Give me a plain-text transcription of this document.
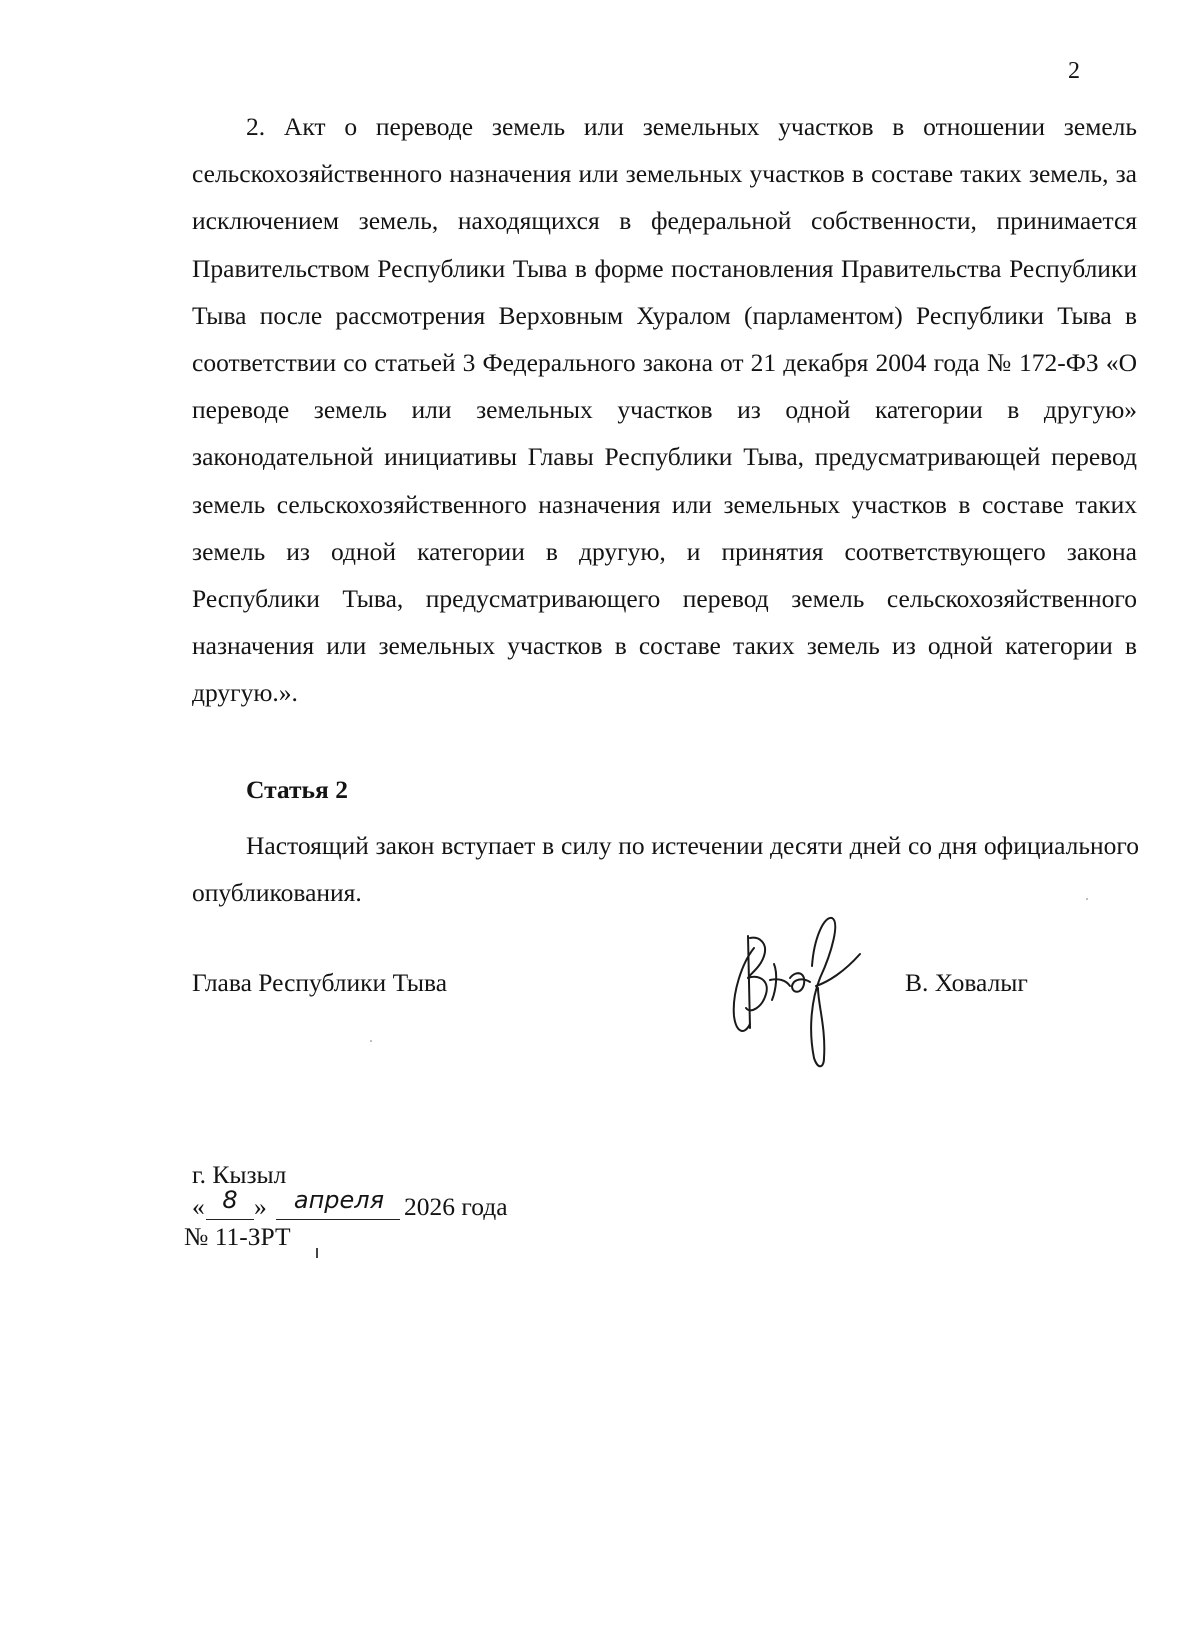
2

2. Акт о переводе земель или земельных участков в отношении земель сельскохозяйственного назначения или земельных участков в составе таких земель, за исключением земель, находящихся в федеральной собственности, принимается Правительством Республики Тыва в форме постановления Правительства Республики Тыва после рассмотрения Верховным Хуралом (парламентом) Республики Тыва в соответствии со статьей 3 Федерального закона от 21 декабря 2004 года № 172-ФЗ «О переводе земель или земельных участков из одной категории в другую» законодательной инициативы Главы Республики Тыва, предусматривающей перевод земель сельскохозяйственного назначения или земельных участков в составе таких земель из одной категории в другую, и принятия соответствующего закона Республики Тыва, предусматривающего перевод земель сельскохозяйственного назначения или земельных участков в составе таких земель из одной категории в другую.».

Статья 2

Настоящий закон вступает в силу по истечении десяти дней со дня официального опубликования.

Глава Республики Тыва	В. Ховалыг
г. Кызыл
« 8 »	апреля 2026 года
№ 11-ЗРТ
